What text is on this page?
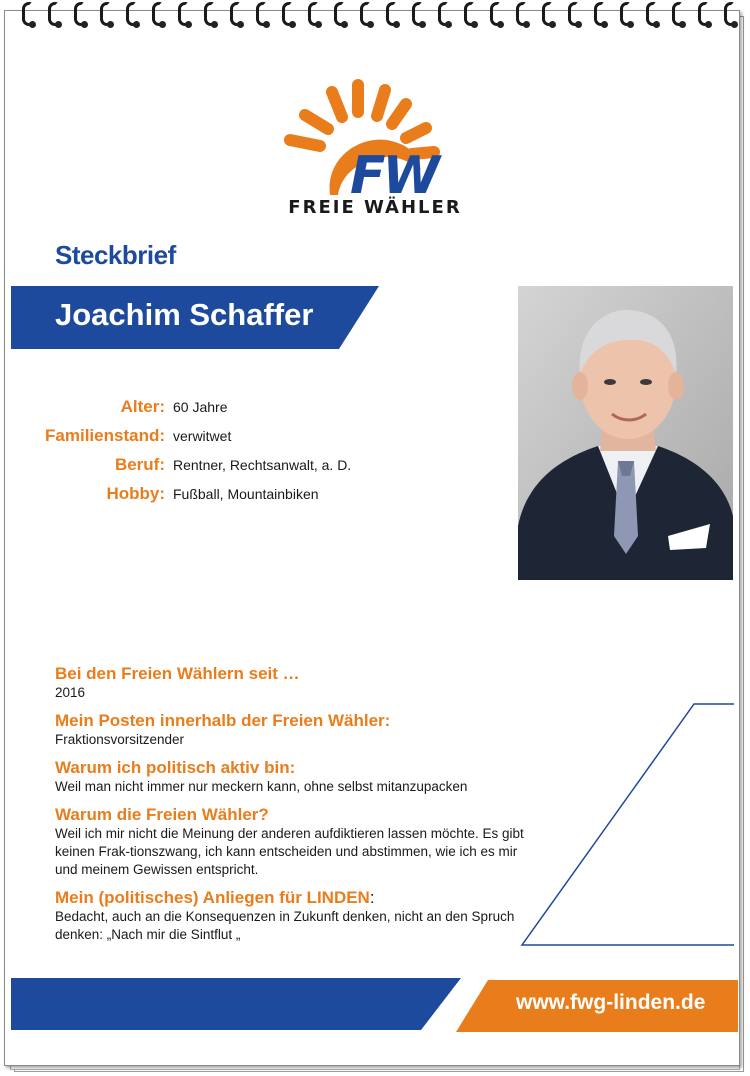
FW
FREIE WÄHLER
Steckbrief
Joachim Schaffer
Alter: 60 Jahre
Familienstand: verwitwet
Beruf: Rentner, Rechtsanwalt, a. D.
Hobby: Fußball, Mountainbiken
Bei den Freien Wählern seit …
2016
Mein Posten innerhalb der Freien Wähler:
Fraktionsvorsitzender
Warum ich politisch aktiv bin:
Weil man nicht immer nur meckern kann, ohne selbst mitanzupacken
Warum die Freien Wähler?
Weil ich mir nicht die Meinung der anderen aufdiktieren lassen möchte. Es gibt keinen Frak-tionszwang, ich kann entscheiden und abstimmen, wie ich es mir und meinem Gewissen entspricht.
Mein (politisches) Anliegen für LINDEN:
Bedacht, auch an die Konsequenzen in Zukunft denken, nicht an den Spruch denken: „Nach mir die Sintflut „
www.fwg-linden.de
